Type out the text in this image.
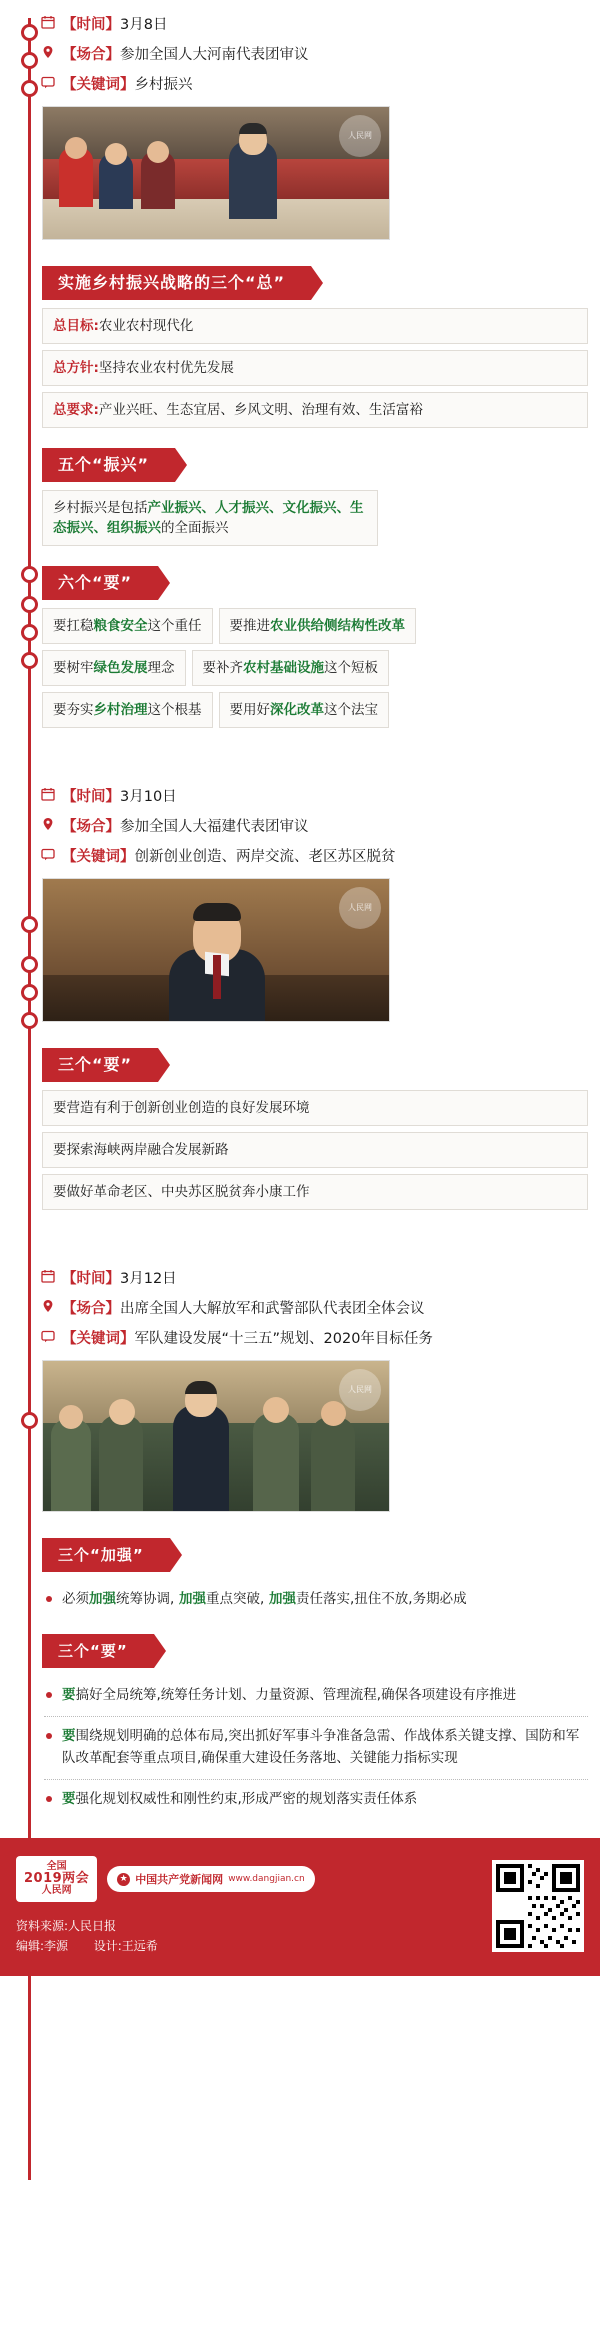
【时间】 3月8日
【场合】 参加全国人大河南代表团审议
【关键词】 乡村振兴
人民网
实施乡村振兴战略的三个“总”
总目标:农业农村现代化
总方针:坚持农业农村优先发展
总要求:产业兴旺、生态宜居、乡风文明、治理有效、生活富裕
五个“振兴”
乡村振兴是包括产业振兴、人才振兴、文化振兴、生态振兴、组织振兴的全面振兴
六个“要”
要扛稳粮食安全这个重任	要推进农业供给侧结构性改革
要树牢绿色发展理念	要补齐农村基础设施这个短板
要夯实乡村治理这个根基	要用好深化改革这个法宝
【时间】 3月10日
【场合】 参加全国人大福建代表团审议
【关键词】 创新创业创造、两岸交流、老区苏区脱贫
人民网
三个“要”
要营造有利于创新创业创造的良好发展环境
要探索海峡两岸融合发展新路
要做好革命老区、中央苏区脱贫奔小康工作
【时间】 3月12日
【场合】 出席全国人大解放军和武警部队代表团全体会议
【关键词】 军队建设发展“十三五”规划、2020年目标任务
人民网
三个“加强”
必须加强统筹协调, 加强重点突破, 加强责任落实,扭住不放,务期必成
三个“要”
要搞好全局统筹,统筹任务计划、力量资源、管理流程,确保各项建设有序推进
要围绕规划明确的总体布局,突出抓好军事斗争准备急需、作战体系关键支撑、国防和军队改革配套等重点项目,确保重大建设任务落地、关键能力指标实现
要强化规划权威性和刚性约束,形成严密的规划落实责任体系
全国
2019两会
人民网
★ 中国共产党新闻网 www.dangjian.cn
资料来源:人民日报
编辑:李源 设计:王远希
